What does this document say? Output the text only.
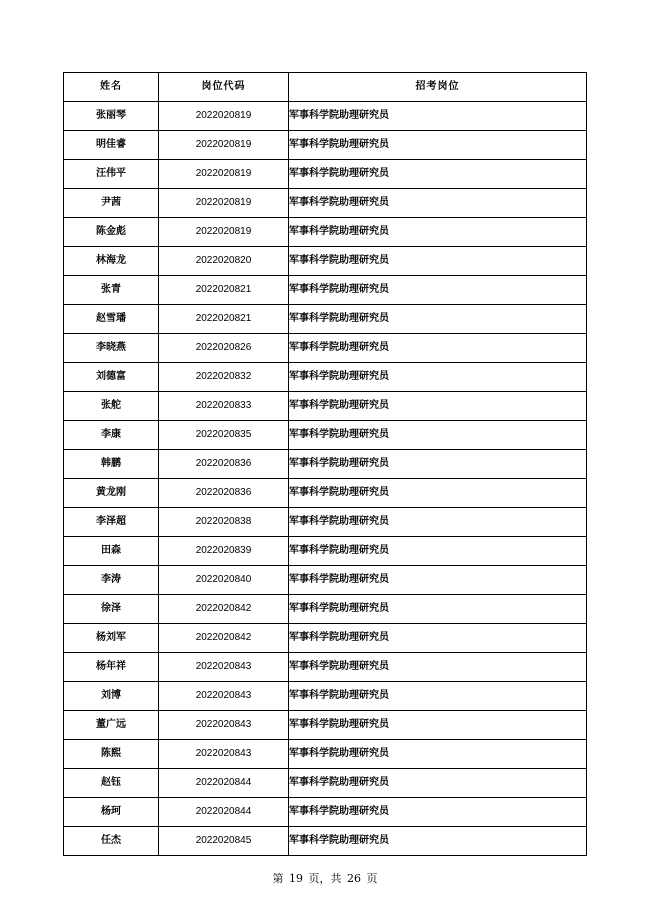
姓名	岗位代码	招考岗位
张丽琴	2022020819	军事科学院助理研究员
明佳睿	2022020819	军事科学院助理研究员
汪伟平	2022020819	军事科学院助理研究员
尹茜	2022020819	军事科学院助理研究员
陈金彪	2022020819	军事科学院助理研究员
林海龙	2022020820	军事科学院助理研究员
张青	2022020821	军事科学院助理研究员
赵雪璠	2022020821	军事科学院助理研究员
李晓燕	2022020826	军事科学院助理研究员
刘德富	2022020832	军事科学院助理研究员
张舵	2022020833	军事科学院助理研究员
李康	2022020835	军事科学院助理研究员
韩鹏	2022020836	军事科学院助理研究员
黄龙刚	2022020836	军事科学院助理研究员
李泽超	2022020838	军事科学院助理研究员
田森	2022020839	军事科学院助理研究员
李涛	2022020840	军事科学院助理研究员
徐泽	2022020842	军事科学院助理研究员
杨刘军	2022020842	军事科学院助理研究员
杨年祥	2022020843	军事科学院助理研究员
刘博	2022020843	军事科学院助理研究员
董广远	2022020843	军事科学院助理研究员
陈熙	2022020843	军事科学院助理研究员
赵钰	2022020844	军事科学院助理研究员
杨珂	2022020844	军事科学院助理研究员
任杰	2022020845	军事科学院助理研究员
第 19 页，共 26 页
